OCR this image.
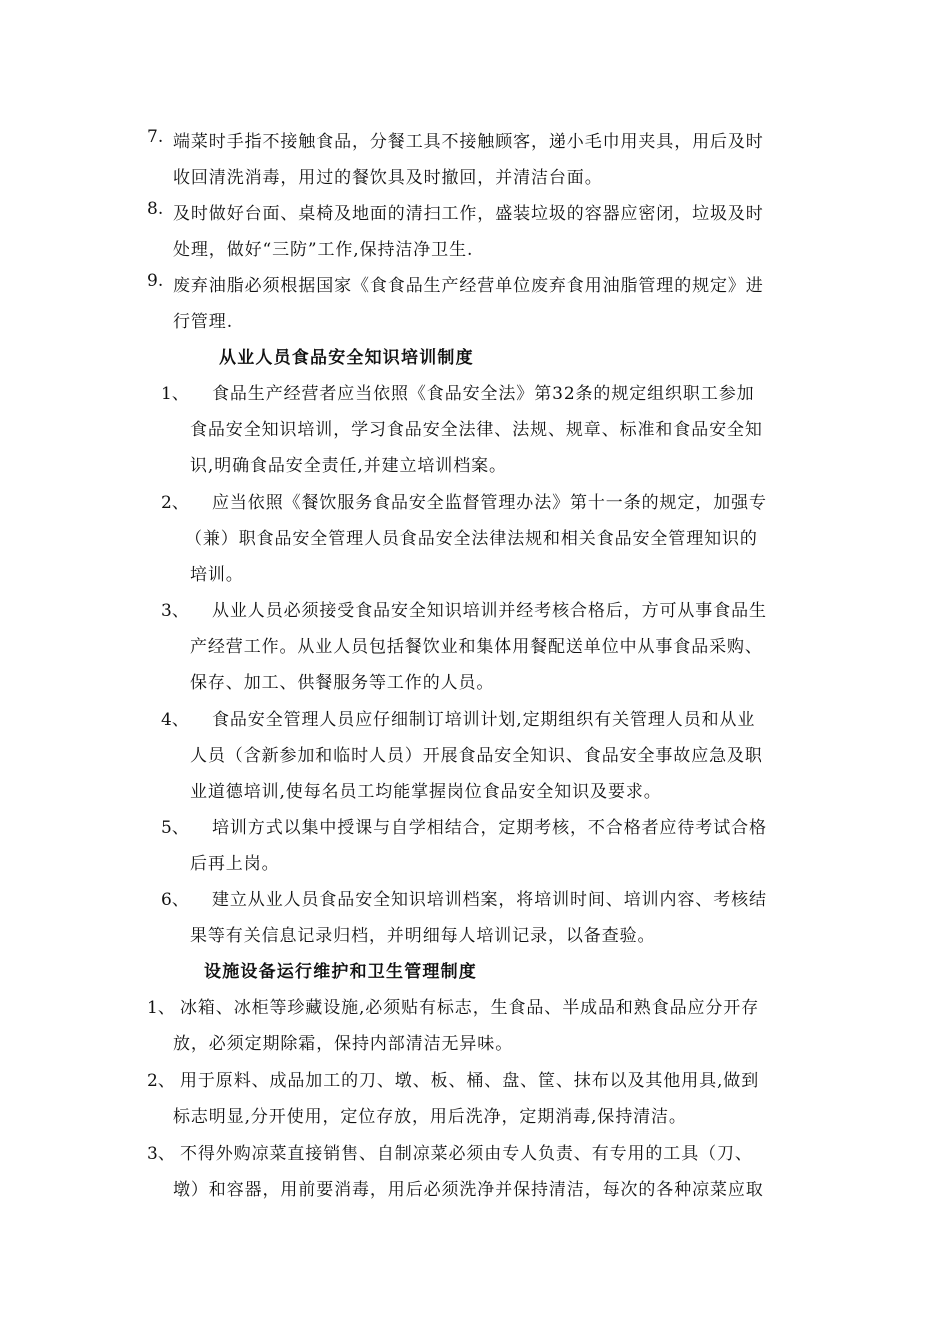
7. 端菜时手指不接触食品，分餐工具不接触顾客，递小毛巾用夹具，用后及时
收回清洗消毒，用过的餐饮具及时撤回，并清洁台面。
8. 及时做好台面、桌椅及地面的清扫工作，盛装垃圾的容器应密闭，垃圾及时
处理，做好“三防”工作,保持洁净卫生.
9. 废弃油脂必须根据国家《食食品生产经营单位废弃食用油脂管理的规定》进
行管理.
从业人员食品安全知识培训制度
1、 食品生产经营者应当依照《食品安全法》第32条的规定组织职工参加
食品安全知识培训，学习食品安全法律、法规、规章、标准和食品安全知
识,明确食品安全责任,并建立培训档案。
2、 应当依照《餐饮服务食品安全监督管理办法》第十一条的规定，加强专
（兼）职食品安全管理人员食品安全法律法规和相关食品安全管理知识的
培训。
3、 从业人员必须接受食品安全知识培训并经考核合格后，方可从事食品生
产经营工作。从业人员包括餐饮业和集体用餐配送单位中从事食品采购、
保存、加工、供餐服务等工作的人员。
4、 食品安全管理人员应仔细制订培训计划,定期组织有关管理人员和从业
人员（含新参加和临时人员）开展食品安全知识、食品安全事故应急及职
业道德培训,使每名员工均能掌握岗位食品安全知识及要求。
5、 培训方式以集中授课与自学相结合，定期考核，不合格者应待考试合格
后再上岗。
6、 建立从业人员食品安全知识培训档案，将培训时间、培训内容、考核结
果等有关信息记录归档，并明细每人培训记录，以备查验。
设施设备运行维护和卫生管理制度
1、 冰箱、冰柜等珍藏设施,必须贴有标志，生食品、半成品和熟食品应分开存
放，必须定期除霜，保持内部清洁无异味。
2、 用于原料、成品加工的刀、墩、板、桶、盘、筐、抹布以及其他用具,做到
标志明显,分开使用，定位存放，用后洗净，定期消毒,保持清洁。
3、 不得外购凉菜直接销售、自制凉菜必须由专人负责、有专用的工具（刀、
墩）和容器，用前要消毒，用后必须洗净并保持清洁，每次的各种凉菜应取
